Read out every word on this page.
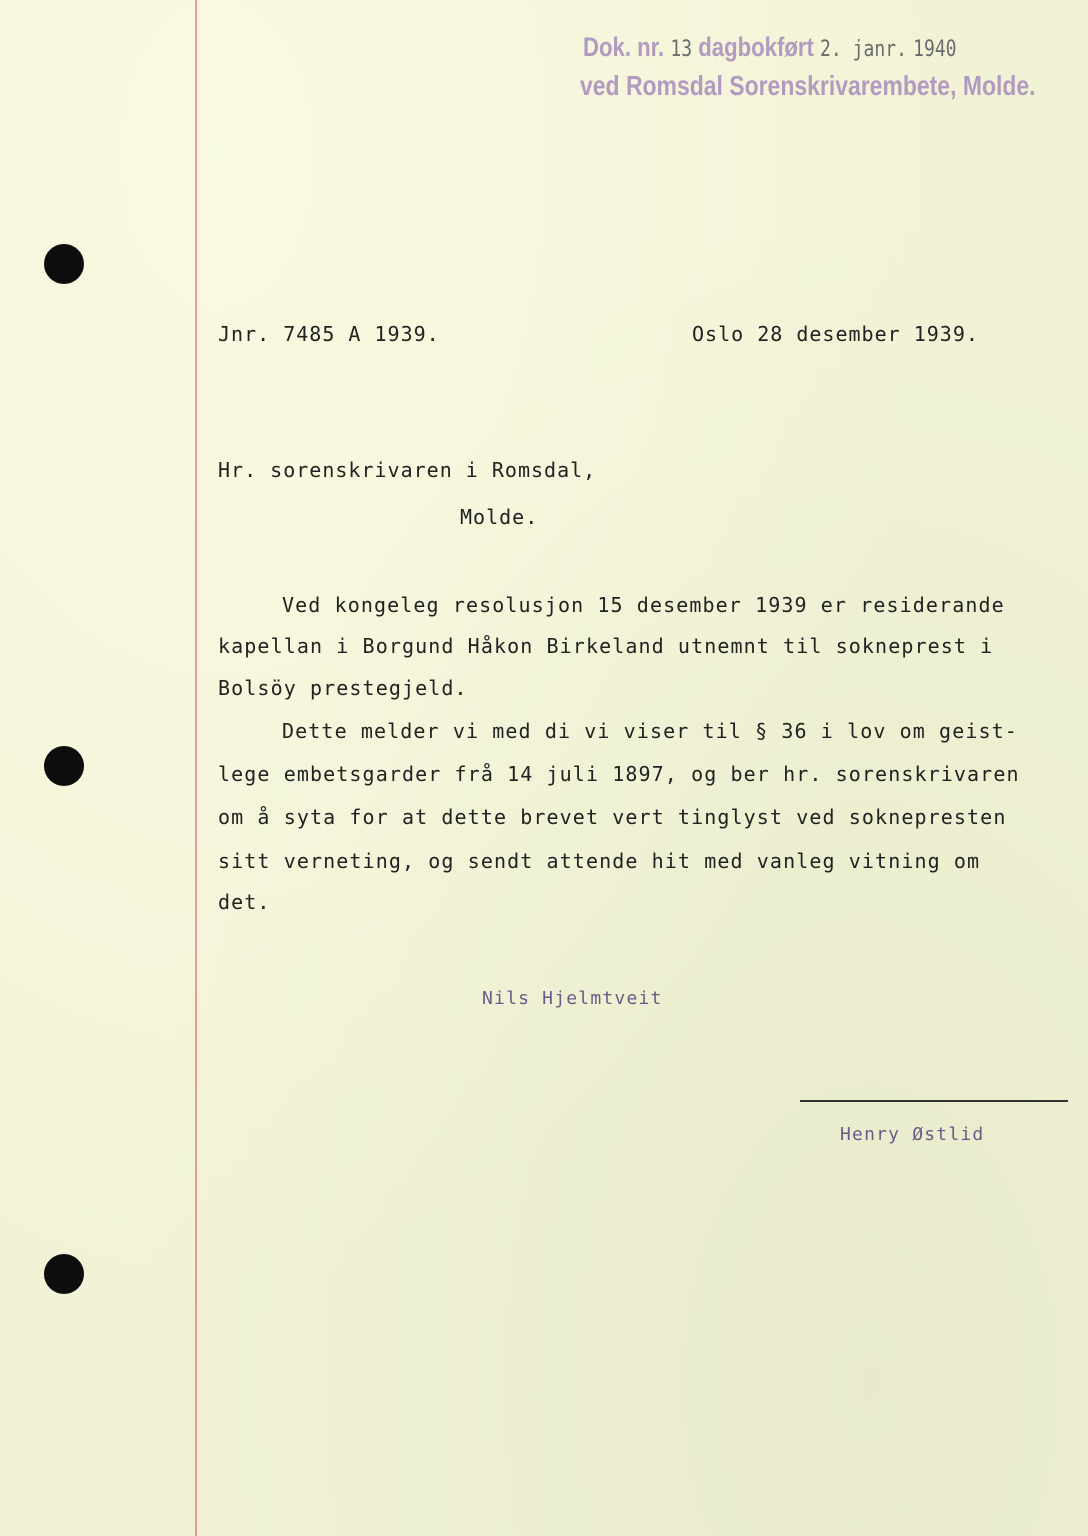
Dok. nr. 13 dagbokført 2. janr. 1940
ved Romsdal Sorenskrivarembete, Molde.
Jnr. 7485 A 1939.	Oslo 28 desember 1939.
Hr. sorenskrivaren i Romsdal,
Molde.
Ved kongeleg resolusjon 15 desember 1939 er residerande
kapellan i Borgund Håkon Birkeland utnemnt til sokneprest i
Bolsöy prestegjeld.
Dette melder vi med di vi viser til § 36 i lov om geist-
lege embetsgarder frå 14 juli 1897, og ber hr. sorenskrivaren
om å syta for at dette brevet vert tinglyst ved soknepresten
sitt verneting, og sendt attende hit med vanleg vitning om
det.
Nils Hjelmtveit
Henry Østlid
